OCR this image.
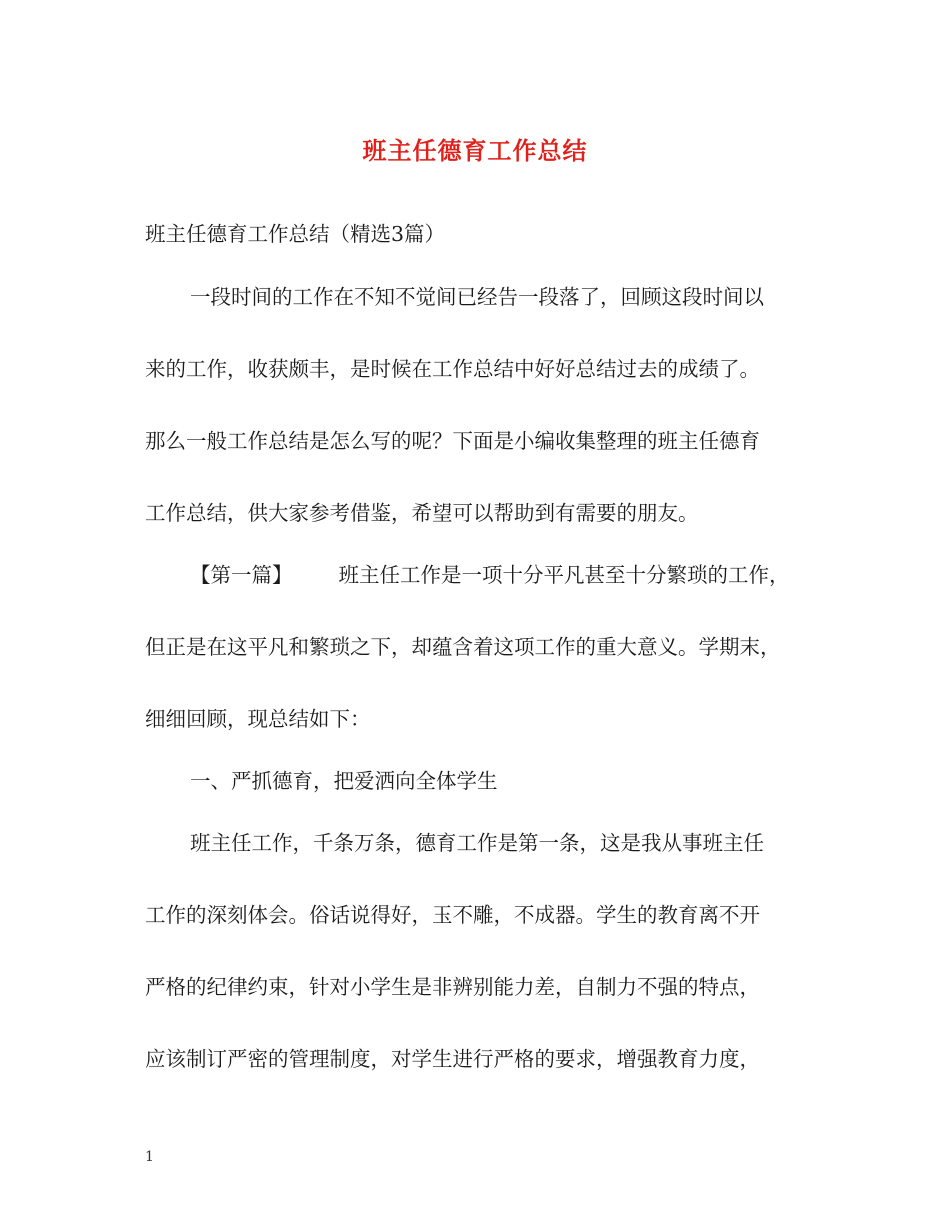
班主任德育工作总结
班主任德育工作总结（精选3篇）
一段时间的工作在不知不觉间已经告一段落了，回顾这段时间以
来的工作，收获颇丰，是时候在工作总结中好好总结过去的成绩了。
那么一般工作总结是怎么写的呢？下面是小编收集整理的班主任德育
工作总结，供大家参考借鉴，希望可以帮助到有需要的朋友。
【第一篇】 班主任工作是一项十分平凡甚至十分繁琐的工作，
但正是在这平凡和繁琐之下，却蕴含着这项工作的重大意义。学期末，
细细回顾，现总结如下：
一、严抓德育，把爱洒向全体学生
班主任工作，千条万条，德育工作是第一条，这是我从事班主任
工作的深刻体会。俗话说得好，玉不雕，不成器。学生的教育离不开
严格的纪律约束，针对小学生是非辨别能力差，自制力不强的特点，
应该制订严密的管理制度，对学生进行严格的要求，增强教育力度，
1
